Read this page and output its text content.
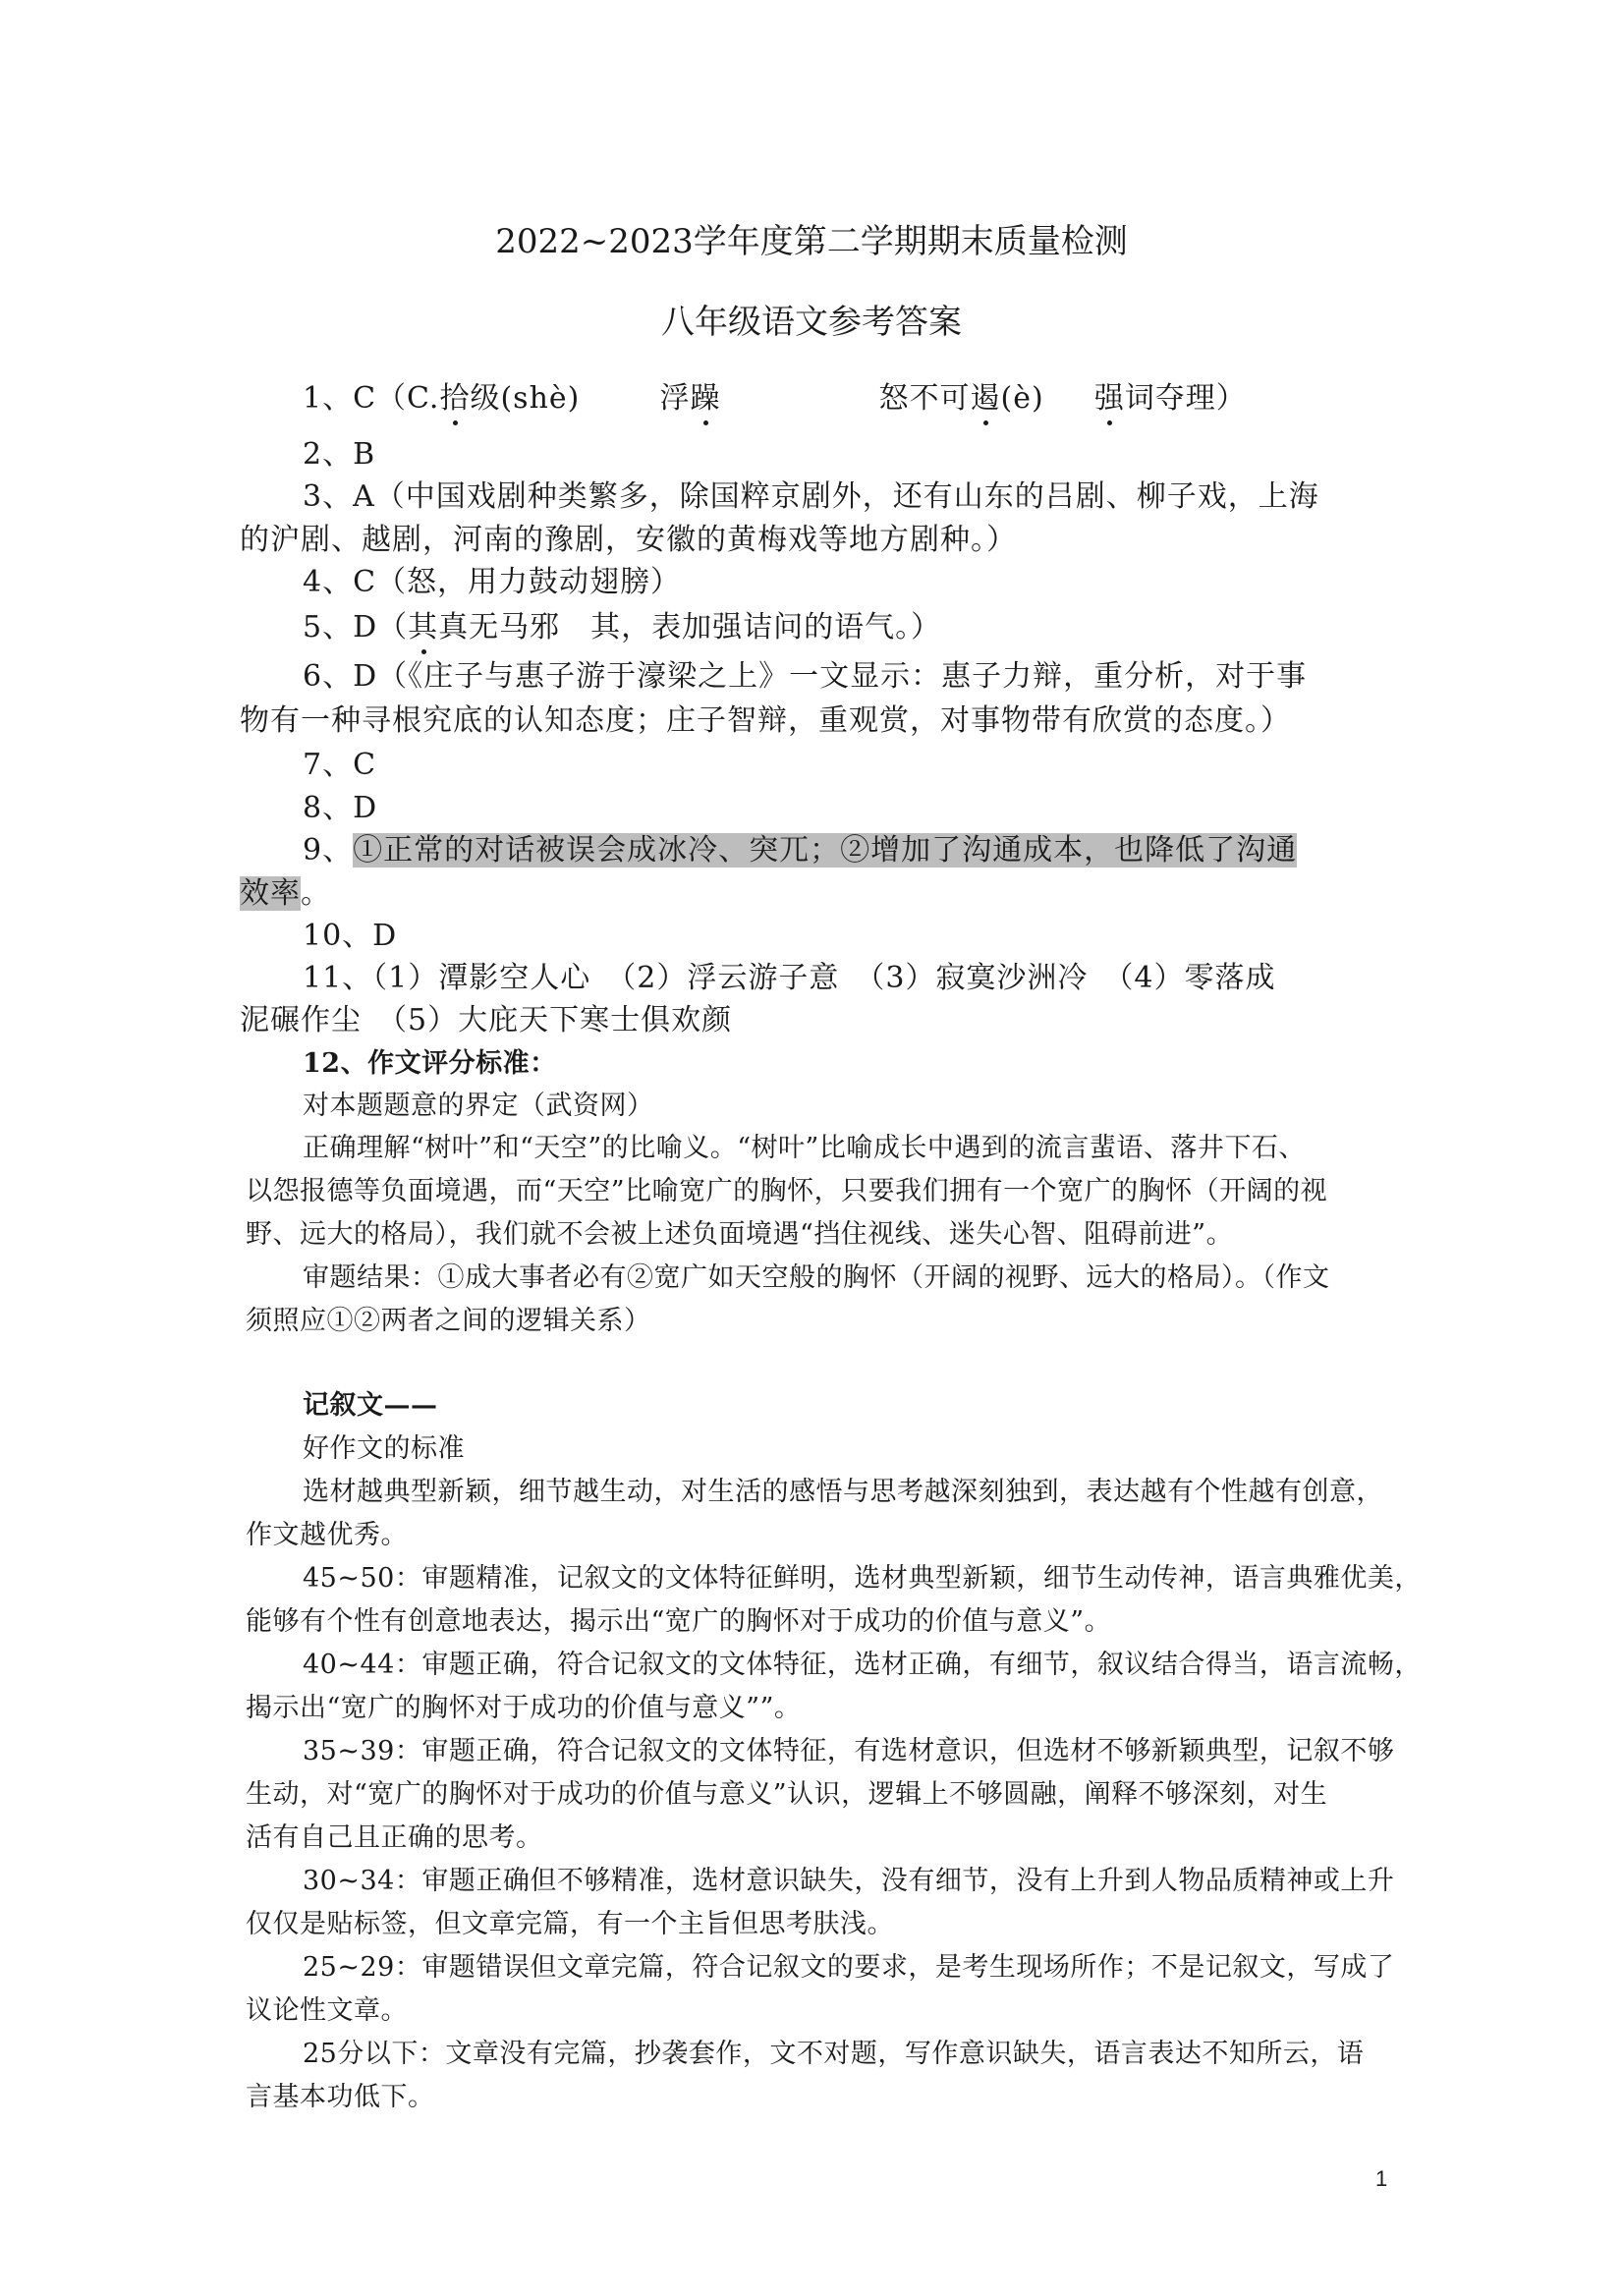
2022~2023学年度第二学期期末质量检测
八年级语文参考答案
1、C（C.拾级(shè)	浮躁	怒不可遏(è) 强词夺理）
2、B
3、A（中国戏剧种类繁多，除国粹京剧外，还有山东的吕剧、柳子戏，上海
的沪剧、越剧，河南的豫剧，安徽的黄梅戏等地方剧种。）
4、C（怒，用力鼓动翅膀）
5、D（其真无马邪　其，表加强诘问的语气。）
6、D（《庄子与惠子游于濠梁之上》一文显示：惠子力辩，重分析，对于事
物有一种寻根究底的认知态度；庄子智辩，重观赏，对事物带有欣赏的态度。）
7、C
8、D
9、①正常的对话被误会成冰冷、突兀；②增加了沟通成本，也降低了沟通
效率。
10、D
11、（1）潭影空人心　（2）浮云游子意　（3）寂寞沙洲冷　（4）零落成
泥碾作尘　（5）大庇天下寒士俱欢颜
12、作文评分标准：
对本题题意的界定（武资网）
正确理解“树叶”和“天空”的比喻义。“树叶”比喻成长中遇到的流言蜚语、落井下石、
以怨报德等负面境遇，而“天空”比喻宽广的胸怀，只要我们拥有一个宽广的胸怀（开阔的视
野、远大的格局），我们就不会被上述负面境遇“挡住视线、迷失心智、阻碍前进”。
审题结果：①成大事者必有②宽广如天空般的胸怀（开阔的视野、远大的格局）。（作文
须照应①②两者之间的逻辑关系）
记叙文——
好作文的标准
选材越典型新颖，细节越生动，对生活的感悟与思考越深刻独到，表达越有个性越有创意，
作文越优秀。
45~50：审题精准，记叙文的文体特征鲜明，选材典型新颖，细节生动传神，语言典雅优美，
能够有个性有创意地表达，揭示出“宽广的胸怀对于成功的价值与意义”。
40~44：审题正确，符合记叙文的文体特征，选材正确，有细节，叙议结合得当，语言流畅，
揭示出“宽广的胸怀对于成功的价值与意义””。
35~39：审题正确，符合记叙文的文体特征，有选材意识，但选材不够新颖典型，记叙不够
生动，对“宽广的胸怀对于成功的价值与意义”认识，逻辑上不够圆融，阐释不够深刻，对生
活有自己且正确的思考。
30~34：审题正确但不够精准，选材意识缺失，没有细节，没有上升到人物品质精神或上升
仅仅是贴标签，但文章完篇，有一个主旨但思考肤浅。
25~29：审题错误但文章完篇，符合记叙文的要求，是考生现场所作；不是记叙文，写成了
议论性文章。
25分以下：文章没有完篇，抄袭套作，文不对题，写作意识缺失，语言表达不知所云，语
言基本功低下。
1
